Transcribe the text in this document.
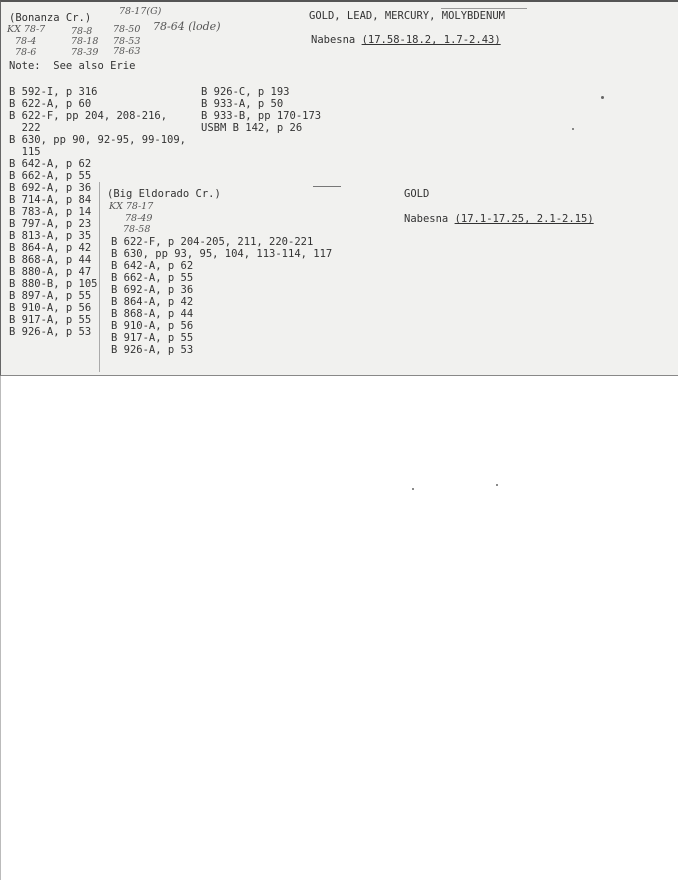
(Bonanza Cr.)
78-17(G)	GOLD, LEAD, MERCURY, MOLYBDENUM
KX 78-7	78-8 78-50 78-64 (lode)
Nabesna (17.58-18.2, 1.7-2.43)
78-4	78-18 78-53
78-6	78-39 78-63
Note:  See also Erie
B 592-I, p 316
B 622-A, p 60
B 622-F, pp 204, 208-216,
222
B 630, pp 90, 92-95, 99-109,
115
B 642-A, p 62
B 662-A, p 55
B 692-A, p 36
B 714-A, p 84
B 783-A, p 14
B 797-A, p 23
B 813-A, p 35
B 864-A, p 42
B 868-A, p 44
B 880-A, p 47
B 880-B, p 105
B 897-A, p 55
B 910-A, p 56
B 917-A, p 55
B 926-A, p 53
B 926-C, p 193
B 933-A, p 50
B 933-B, pp 170-173
USBM B 142, p 26
(Big Eldorado Cr.)	GOLD
KX 78-17
78-49
78-58
Nabesna (17.1-17.25, 2.1-2.15)
B 622-F, p 204-205, 211, 220-221
B 630, pp 93, 95, 104, 113-114, 117
B 642-A, p 62
B 662-A, p 55
B 692-A, p 36
B 864-A, p 42
B 868-A, p 44
B 910-A, p 56
B 917-A, p 55
B 926-A, p 53
